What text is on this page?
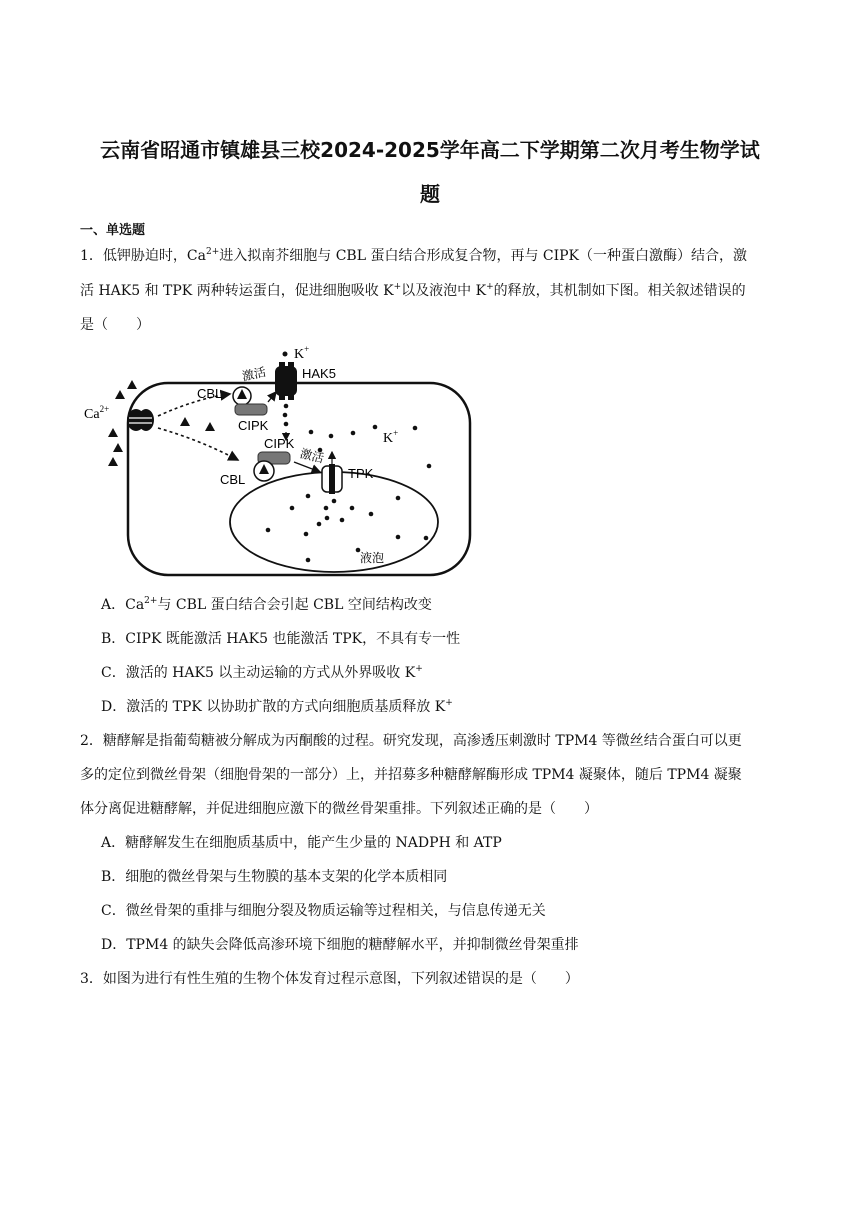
云南省昭通市镇雄县三校2024-2025学年高二下学期第二次月考生物学试
题
一、单选题
1．低钾胁迫时，$Ca^{2+}$进入拟南芥细胞与 CBL 蛋白结合形成复合物，再与 CIPK（一种蛋白激酶）结合，激
活 HAK5 和 TPK 两种转运蛋白，促进细胞吸收 K+以及液泡中 K+的释放，其机制如下图。相关叙述错误的
是（　　）
$Ca^{2+}$
K+
K+
HAK5
TPK
CBL
CBL
CIPK
CIPK
激活
激活
液泡
A．$Ca^{2+}$与 CBL 蛋白结合会引起 CBL 空间结构改变
B．CIPK 既能激活 HAK5 也能激活 TPK，不具有专一性
C．激活的 HAK5 以主动运输的方式从外界吸收 K+
D．激活的 TPK 以协助扩散的方式向细胞质基质释放 K+
2．糖酵解是指葡萄糖被分解成为丙酮酸的过程。研究发现，高渗透压刺激时 TPM4 等微丝结合蛋白可以更
多的定位到微丝骨架（细胞骨架的一部分）上，并招募多种糖酵解酶形成 TPM4 凝聚体，随后 TPM4 凝聚
体分离促进糖酵解，并促进细胞应激下的微丝骨架重排。下列叙述正确的是（　　）
A．糖酵解发生在细胞质基质中，能产生少量的 NADPH 和 ATP
B．细胞的微丝骨架与生物膜的基本支架的化学本质相同
C．微丝骨架的重排与细胞分裂及物质运输等过程相关，与信息传递无关
D．TPM4 的缺失会降低高渗环境下细胞的糖酵解水平，并抑制微丝骨架重排
3．如图为进行有性生殖的生物个体发育过程示意图，下列叙述错误的是（　　）
